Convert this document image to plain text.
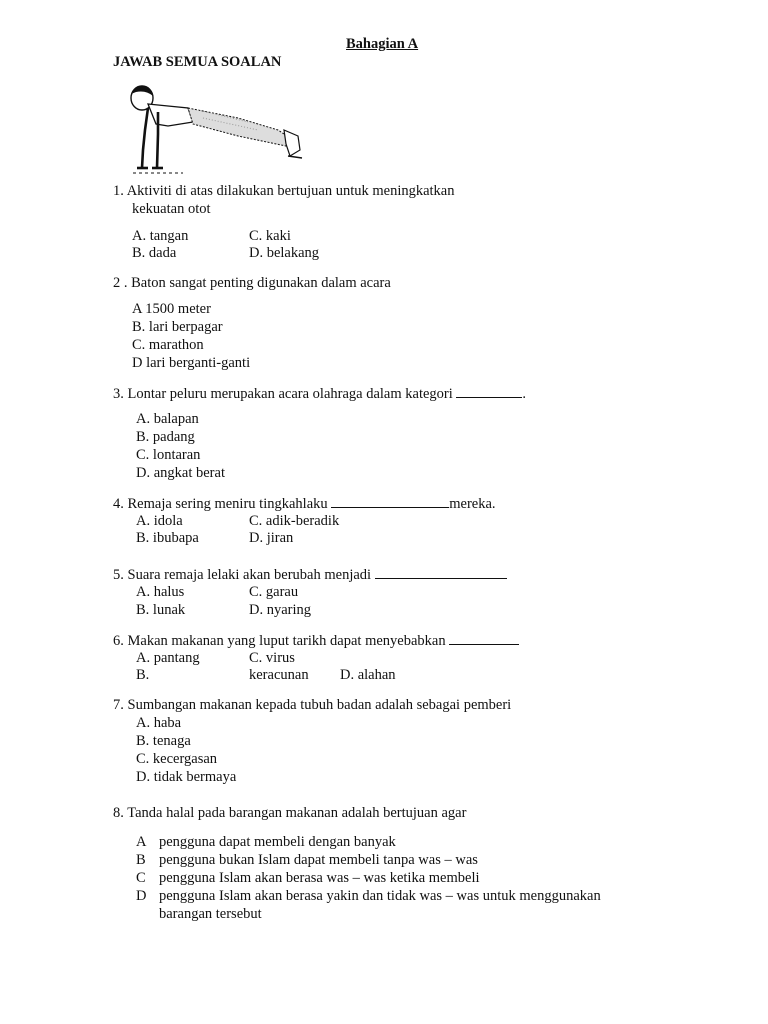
Bahagian A
JAWAB SEMUA SOALAN
1. Aktiviti di atas dilakukan bertujuan untuk meningkatkan
kekuatan otot
A. tangan	C. kaki
B. dada	D. belakang
2 . Baton sangat penting digunakan dalam acara
A 1500 meter
B. lari berpagar
C. marathon
D lari berganti-ganti
3. Lontar peluru merupakan acara olahraga dalam kategori	.
A. balapan
B. padang
C. lontaran
D. angkat berat
4. Remaja sering meniru tingkahlaku	mereka.
A. idola	C. adik-beradik
B. ibubapa	D. jiran
5. Suara remaja lelaki akan berubah menjadi
A. halus	C. garau
B. lunak	D. nyaring
6. Makan makanan yang luput tarikh dapat menyebabkan
A. pantang	C. virus
B.	keracunan D. alahan
7. Sumbangan makanan kepada tubuh badan adalah sebagai pemberi
A. haba
B. tenaga
C. kecergasan
D. tidak bermaya
8. Tanda halal pada barangan makanan adalah bertujuan agar
A pengguna dapat membeli dengan banyak
B pengguna bukan Islam dapat membeli tanpa was – was
C pengguna Islam akan berasa was – was ketika membeli
D pengguna Islam akan berasa yakin dan tidak was – was untuk menggunakan
barangan tersebut
